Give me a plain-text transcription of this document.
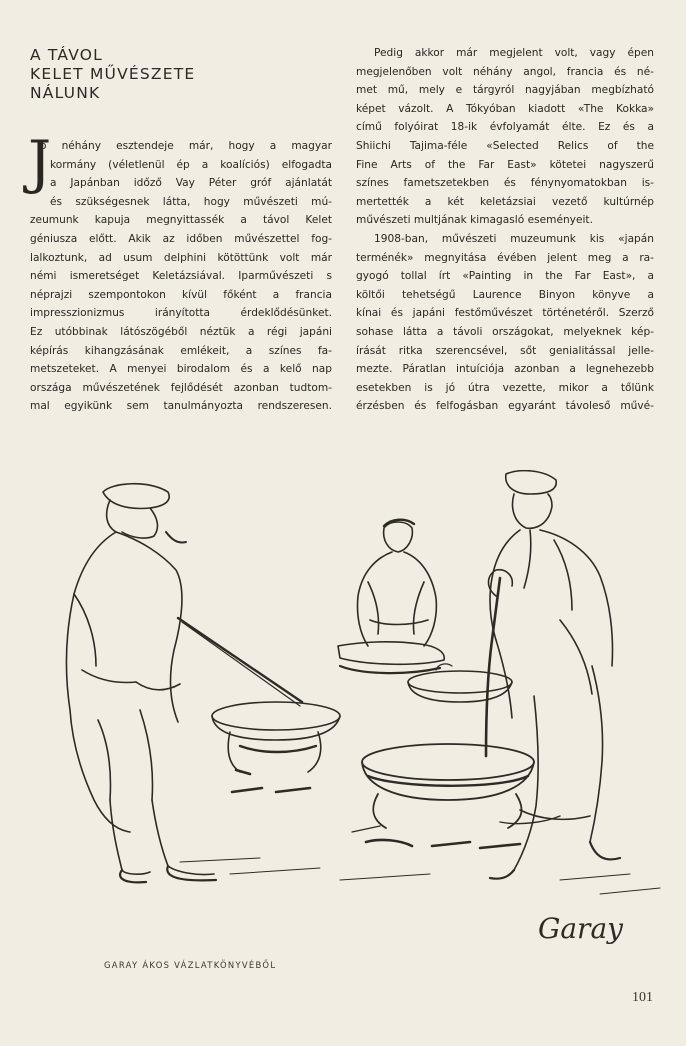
A TÁVOL
KELET MŰVÉSZETE
NÁLUNK
J
ó néhány esztendeje már, hogy a magyar
kormány (véletlenül ép a koalíciós) elfogadta
a Japánban időző Vay Péter gróf ajánlatát
és szükségesnek látta, hogy művészeti mú-
zeumunk kapuja megnyittassék a távol Kelet
géniusza előtt. Akik az időben művészettel fog-
lalkoztunk, ad usum delphini kötöttünk volt már
némi ismeretséget Keletázsiával. Iparművészeti s
néprajzi szempontokon kívül főként a francia
impresszionizmus irányította érdeklődésünket.
Ez utóbbinak látószögéből néztük a régi japáni
képírás kihangzásának emlékeit, a színes fa-
metszeteket. A menyei birodalom és a kelő nap
országa művészetének fejlődését azonban tudtom-
mal egyikünk sem tanulmányozta rendszeresen.
Pedig akkor már megjelent volt, vagy épen
megjelenőben volt néhány angol, francia és né-
met mű, mely e tárgyról nagyjában megbízható
képet vázolt. A Tókyóban kiadott «The Kokka»
című folyóirat 18-ik évfolyamát élte. Ez és a
Shiichi Tajima-féle «Selected Relics of the
Fine Arts of the Far East» kötetei nagyszerű
színes fametszetekben és fénynyomatokban is-
mertették a két keletázsiai vezető kultúrnép
művészeti multjának kimagasló eseményeit.
1908-ban, művészeti muzeumunk kis «japán
terménék» megnyitása évében jelent meg a ra-
gyogó tollal írt «Painting in the Far East», a
költői tehetségű Laurence Binyon könyve a
kínai és japáni festőművészet történetéről. Szerző
sohase látta a távoli országokat, melyeknek kép-
írását ritka szerencsével, sőt genialitással jelle-
mezte. Páratlan intuíciója azonban a legnehezebb
esetekben is jó útra vezette, mikor a tőlünk
érzésben és felfogásban egyaránt távoleső művé-
Garay
GARAY ÁKOS VÁZLATKÖNYVÉBŐL
101
